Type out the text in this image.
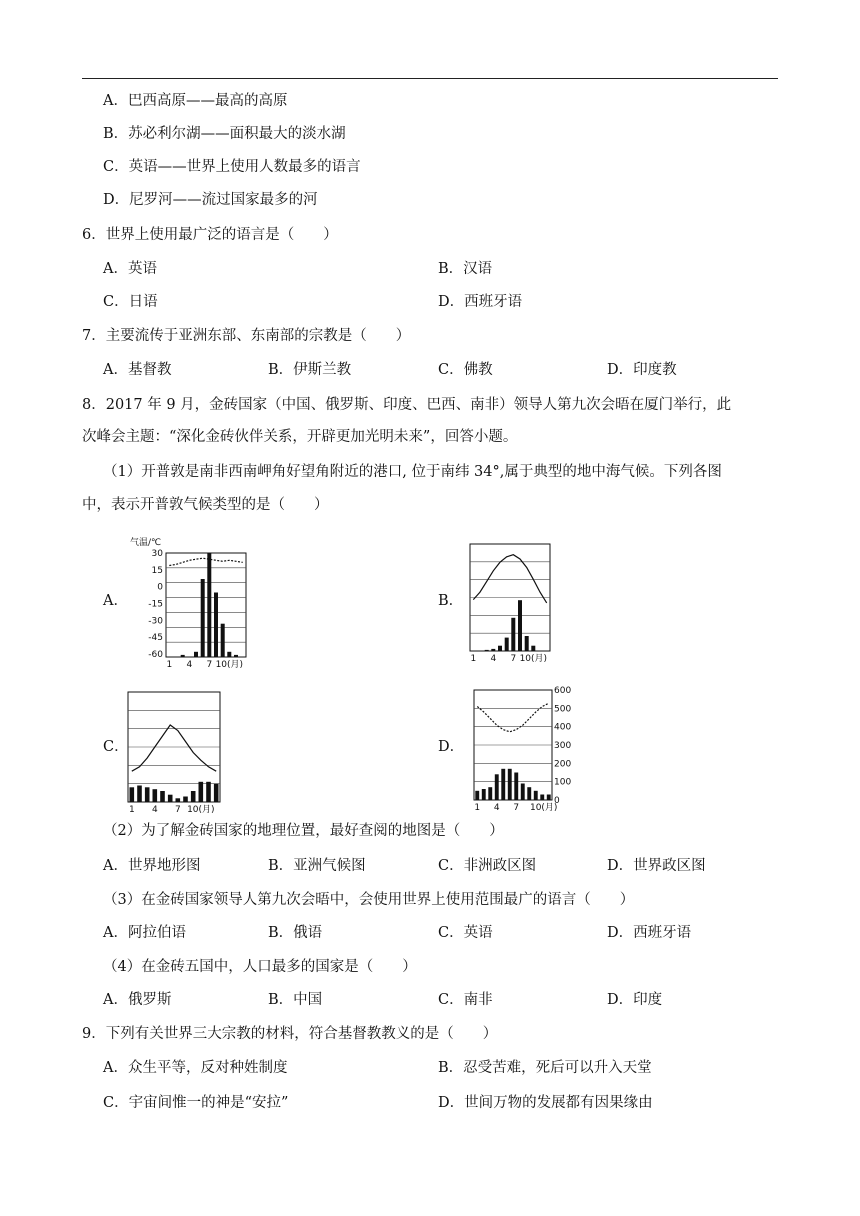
A．巴西高原——最高的高原
B．苏必利尔湖——面积最大的淡水湖
C．英语——世界上使用人数最多的语言
D．尼罗河——流过国家最多的河
6．世界上使用最广泛的语言是（　　）
A．英语	B．汉语
C．日语	D．西班牙语
7．主要流传于亚洲东部、东南部的宗教是（　　）
A．基督教	B．伊斯兰教	C．佛教	D．印度教
8．2017 年 9 月，金砖国家（中国、俄罗斯、印度、巴西、南非）领导人第九次会晤在厦门举行，此
次峰会主题：“深化金砖伙伴关系，开辟更加光明未来”，回答小题。
（1）开普敦是南非西南岬角好望角附近的港口, 位于南纬 34°,属于典型的地中海气候。下列各图
中，表示开普敦气候类型的是（　　）
A．	B．
C．	D．
气温/℃
1 4 7 10(月)
30
15
0
-15
-30
-45
-60	1 4 7 10(月)
1 4 7 10(月)	1 4 7 10 (月)
600
500
400
300
200
100
0
（2）为了解金砖国家的地理位置，最好查阅的地图是（　　）
A．世界地形图	B．亚洲气候图	C．非洲政区图	D．世界政区图
（3）在金砖国家领导人第九次会晤中，会使用世界上使用范围最广的语言（　　）
A．阿拉伯语	B．俄语	C．英语	D．西班牙语
（4）在金砖五国中，人口最多的国家是（　　）
A．俄罗斯	B．中国	C．南非	D．印度
9．下列有关世界三大宗教的材料，符合基督教教义的是（　　）
A．众生平等，反对种姓制度	B．忍受苦难，死后可以升入天堂
C．宇宙间惟一的神是“安拉”	D．世间万物的发展都有因果缘由
